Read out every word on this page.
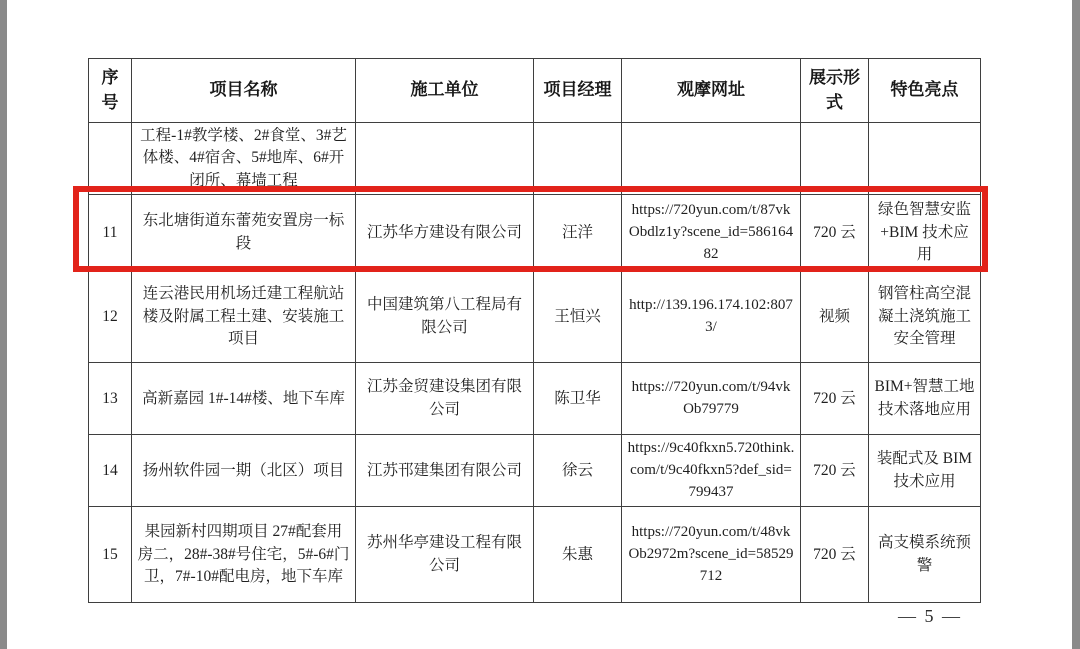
序号	项目名称	施工单位	项目经理	观摩网址	展示形式	特色亮点
	工程-1#教学楼、2#食堂、3#艺体楼、4#宿舍、5#地库、6#开闭所、幕墙工程					
11	东北塘街道东蕾苑安置房一标段	江苏华方建设有限公司	汪洋	https://720yun.com/t/87vkObdlz1y?scene_id=58616482	720 云	绿色智慧安监+BIM 技术应用
12	连云港民用机场迁建工程航站楼及附属工程土建、安装施工项目	中国建筑第八工程局有限公司	王恒兴	http://139.196.174.102:8073/	视频	钢管柱高空混凝土浇筑施工安全管理
13	高新嘉园 1#-14#楼、地下车库	江苏金贸建设集团有限公司	陈卫华	https://720yun.com/t/94vkOb79779	720 云	BIM+智慧工地技术落地应用
14	扬州软件园一期（北区）项目	江苏邗建集团有限公司	徐云	https://9c40fkxn5.720think.com/t/9c40fkxn5?def_sid=799437	720 云	装配式及 BIM 技术应用
15	果园新村四期项目 27#配套用房二，28#-38#号住宅，5#-6#门卫，7#-10#配电房，地下车库	苏州华亭建设工程有限公司	朱惠	https://720yun.com/t/48vkOb2972m?scene_id=58529712	720 云	高支模系统预警
— 5 —
